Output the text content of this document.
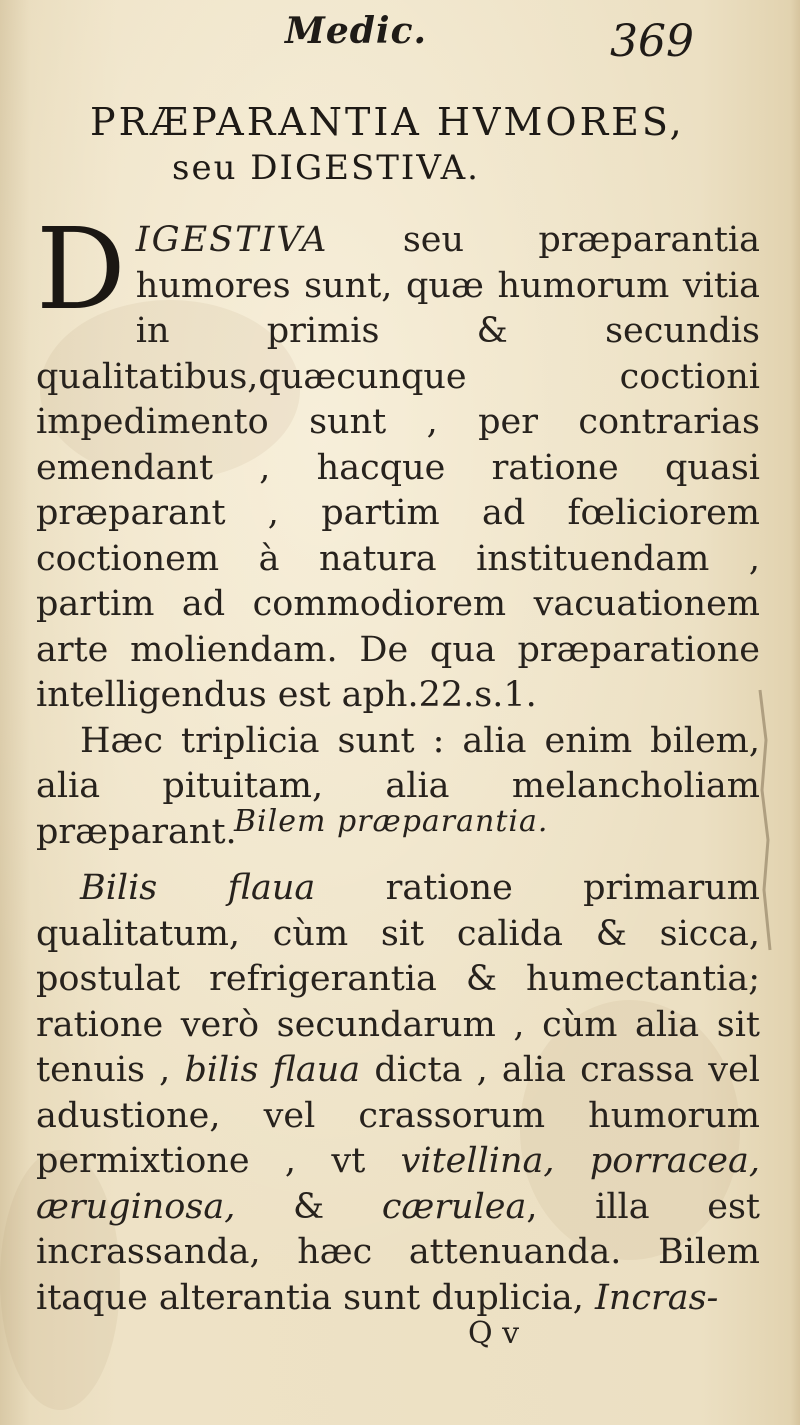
Medic.	369
PRÆPARANTIA HVMORES,
seu DIGESTIVA.

DIGESTIVA seu præparantia humores sunt, quæ humorum vitia in primis & secundis qualitatibus,quæcunque coctioni impedimento sunt , per contrarias emendant , hacque ratione quasi præparant , partim ad fœliciorem coctionem à natura instituendam , partim ad commodiorem vacuationem arte moliendam. De qua præparatione intelligendus est aph.22.s.1.

Hæc triplicia sunt : alia enim bilem, alia pituitam, alia melancholiam præparant.

Bilem præparantia.

Bilis flaua ratione primarum qualitatum, cùm sit calida & sicca, postulat refrigerantia & humectantia; ratione verò secundarum , cùm alia sit tenuis , bilis flaua dicta , alia crassa vel adustione, vel crassorum humorum permixtione , vt vitellina, porracea, æruginosa, & cærulea, illa est incrassanda, hæc attenuanda. Bilem itaque alterantia sunt duplicia, Incras-

Q v
